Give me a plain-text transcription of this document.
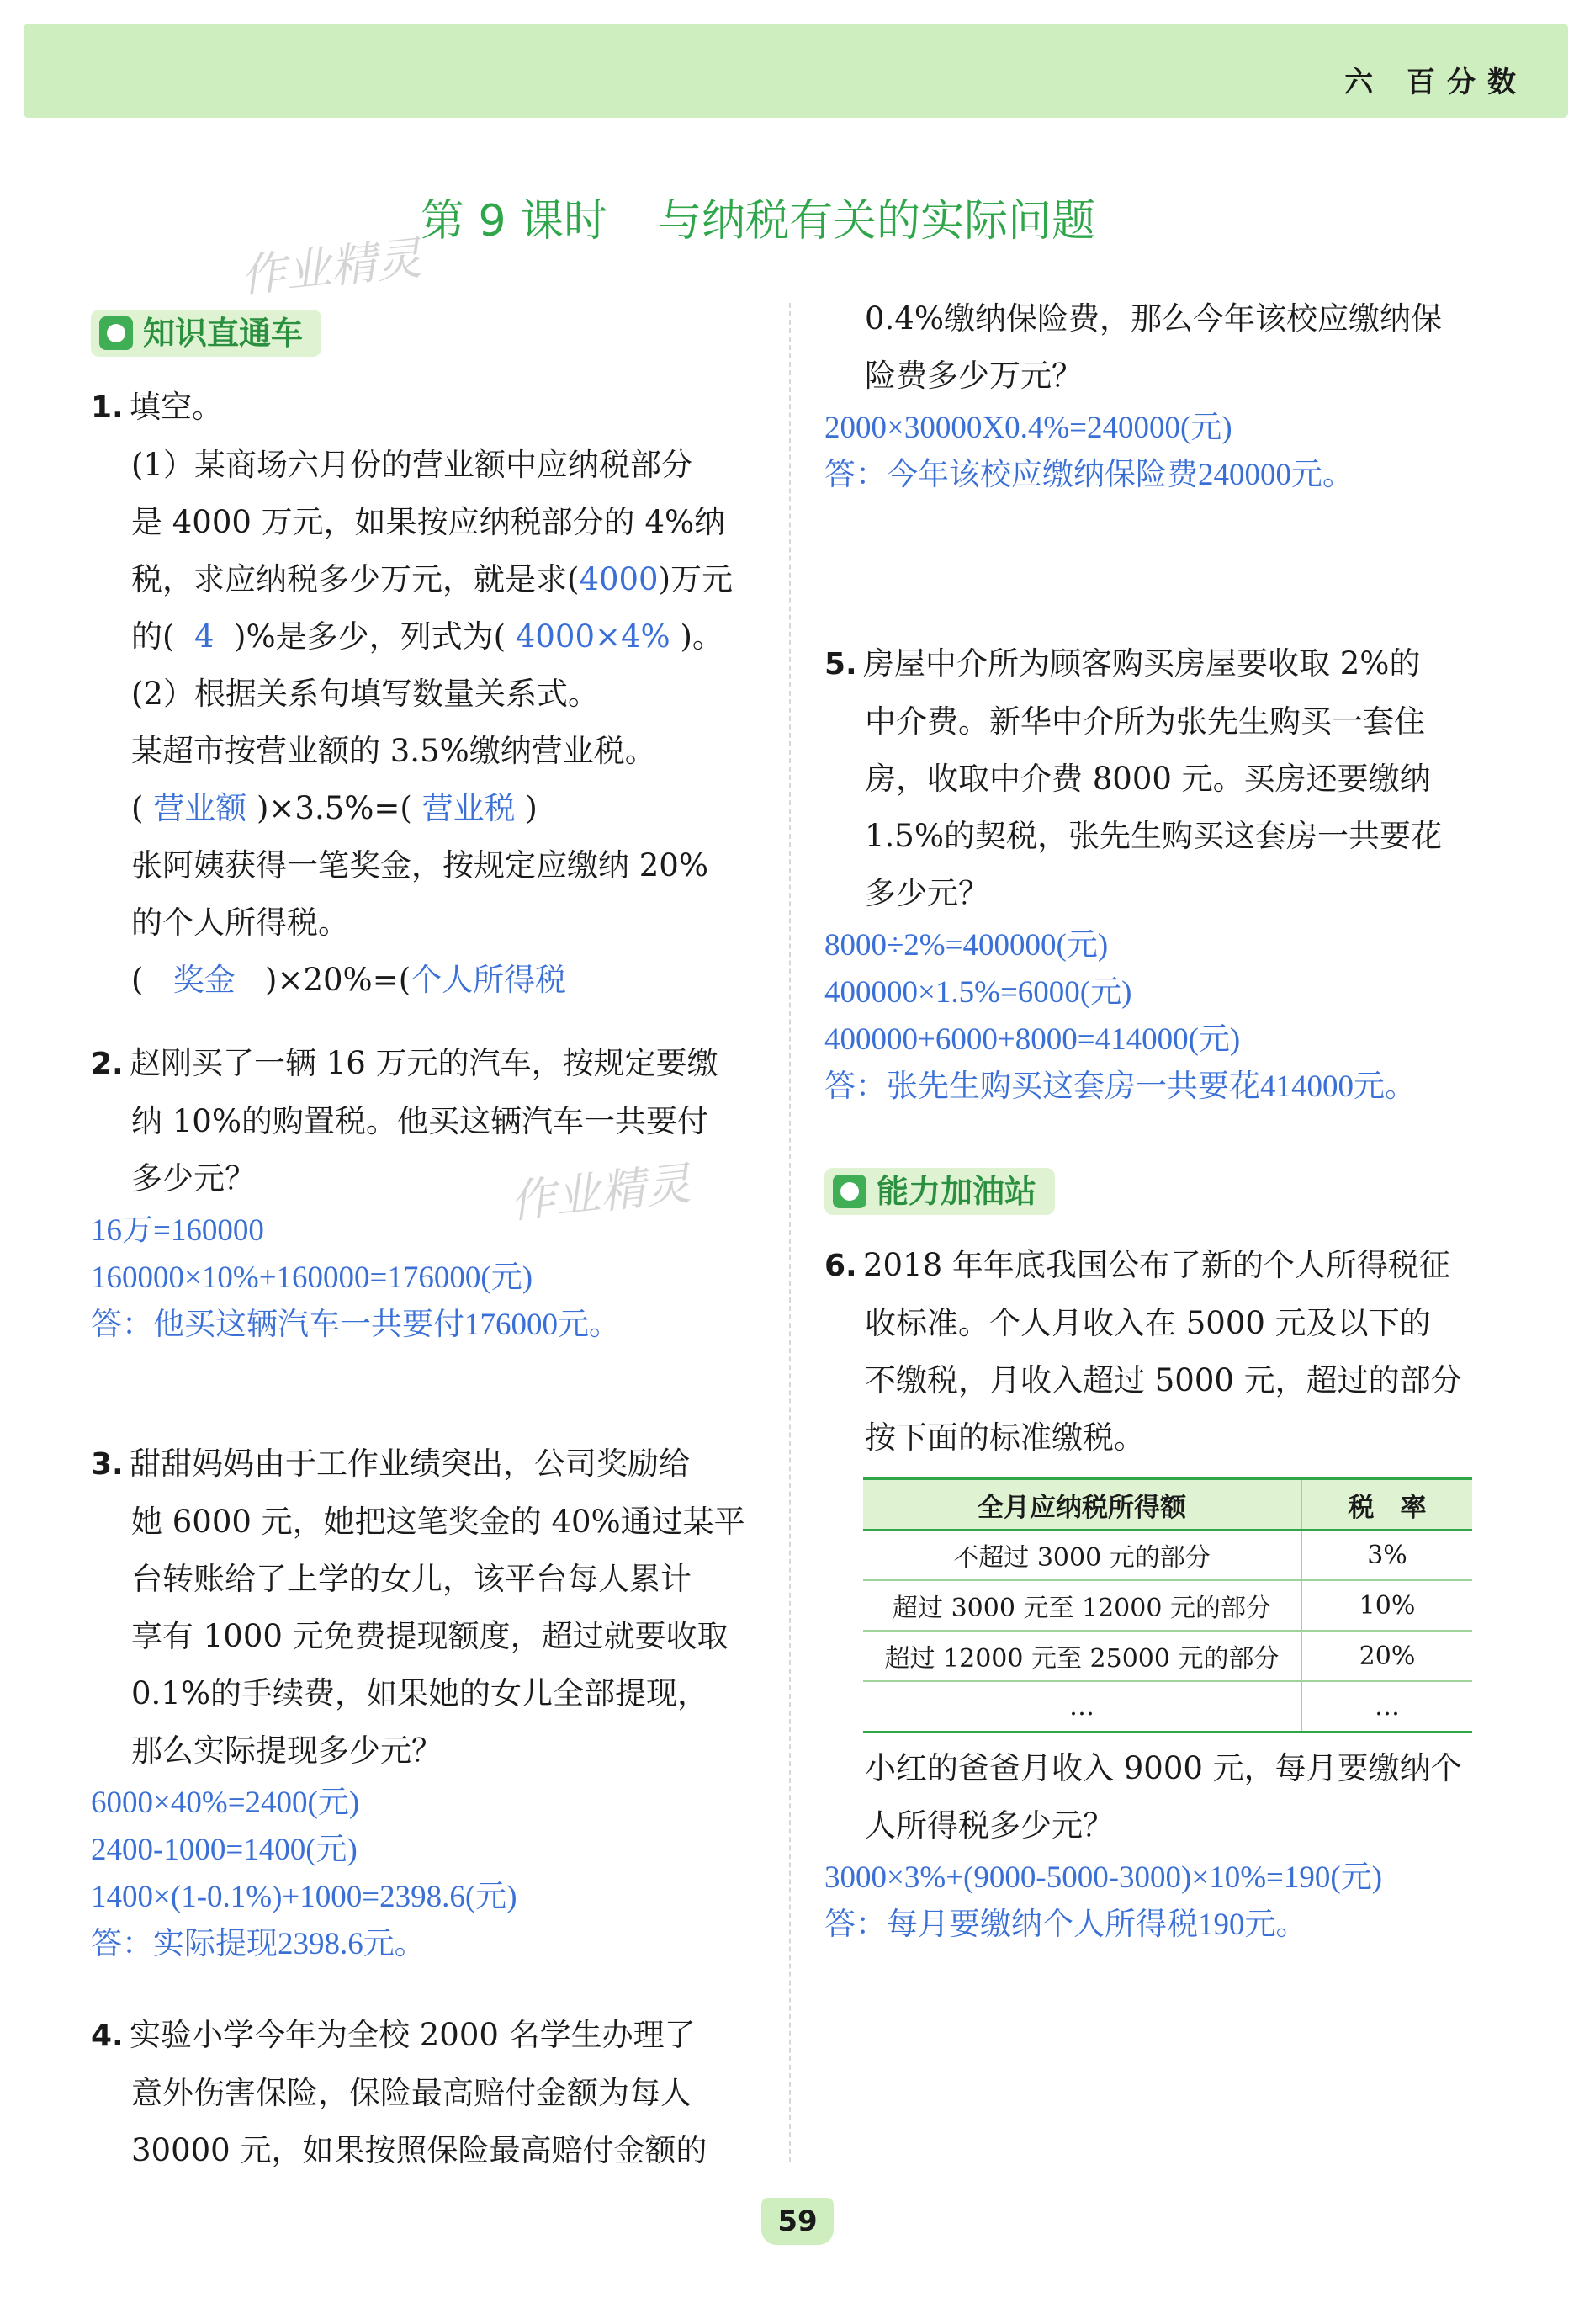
六 百分数
第 9 课时 与纳税有关的实际问题
作业精灵
作业精灵
知识直通车
1. 填空。
(1）某商场六月份的营业额中应纳税部分
是 4000 万元，如果按应纳税部分的 4%纳
税，求应纳税多少万元，就是求(4000)万元
的( 4 )%是多少，列式为( 4000×4% )。
(2）根据关系句填写数量关系式。
某超市按营业额的 3.5%缴纳营业税。
( 营业额 )×3.5%=( 营业税 )
张阿姨获得一笔奖金，按规定应缴纳 20%
的个人所得税。
( 奖金 )×20%=(个人所得税
2. 赵刚买了一辆 16 万元的汽车，按规定要缴
纳 10%的购置税。他买这辆汽车一共要付
多少元？
16万=160000
160000×10%+160000=176000(元)
答：他买这辆汽车一共要付176000元。
3. 甜甜妈妈由于工作业绩突出，公司奖励给
她 6000 元，她把这笔奖金的 40%通过某平
台转账给了上学的女儿，该平台每人累计
享有 1000 元免费提现额度，超过就要收取
0.1%的手续费，如果她的女儿全部提现，
那么实际提现多少元？
6000×40%=2400(元)
2400-1000=1400(元)
1400×(1-0.1%)+1000=2398.6(元)
答：实际提现2398.6元。
4. 实验小学今年为全校 2000 名学生办理了
意外伤害保险，保险最高赔付金额为每人
30000 元，如果按照保险最高赔付金额的
0.4%缴纳保险费，那么今年该校应缴纳保
险费多少万元？
2000×30000X0.4%=240000(元)
答：今年该校应缴纳保险费240000元。
5. 房屋中介所为顾客购买房屋要收取 2%的
中介费。新华中介所为张先生购买一套住
房，收取中介费 8000 元。买房还要缴纳
1.5%的契税，张先生购买这套房一共要花
多少元？
8000÷2%=400000(元)
400000×1.5%=6000(元)
400000+6000+8000=414000(元)
答：张先生购买这套房一共要花414000元。
6. 2018 年年底我国公布了新的个人所得税征
收标准。个人月收入在 5000 元及以下的
不缴税，月收入超过 5000 元，超过的部分
按下面的标准缴税。
全月应纳税所得额	税　率
不超过 3000 元的部分	3%
超过 3000 元至 12000 元的部分	10%
超过 12000 元至 25000 元的部分	20%
…	…
小红的爸爸月收入 9000 元，每月要缴纳个
人所得税多少元？
3000×3%+(9000-5000-3000)×10%=190(元)
答：每月要缴纳个人所得税190元。
能力加油站
59
